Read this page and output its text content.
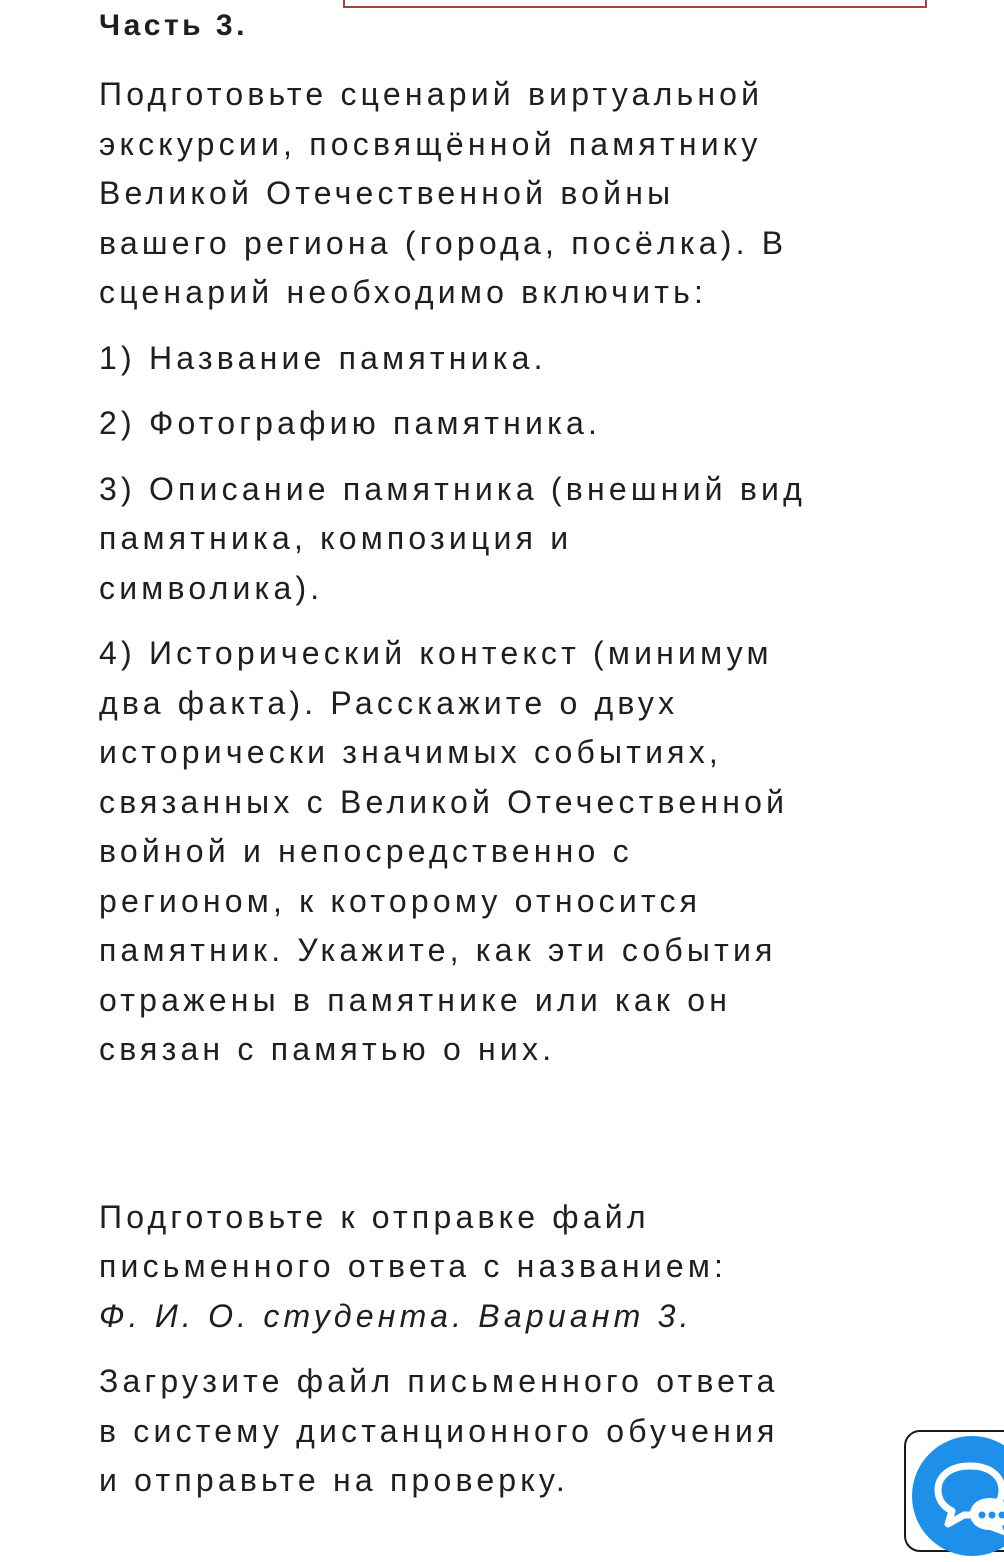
Часть 3.

Подготовьте сценарий виртуальной
экскурсии, посвящённой памятнику
Великой Отечественной войны
вашего региона (города, посёлка). В
сценарий необходимо включить:

1) Название памятника.

2) Фотографию памятника.

3) Описание памятника (внешний вид
памятника, композиция и
символика).

4) Исторический контекст (минимум
два факта). Расскажите о двух
исторически значимых событиях,
связанных с Великой Отечественной
войной и непосредственно с
регионом, к которому относится
памятник. Укажите, как эти события
отражены в памятнике или как он
связан с памятью о них.

Подготовьте к отправке файл
письменного ответа с названием:
Ф. И. О. студента. Вариант 3.

Загрузите файл письменного ответа
в систему дистанционного обучения
и отправьте на проверку.
